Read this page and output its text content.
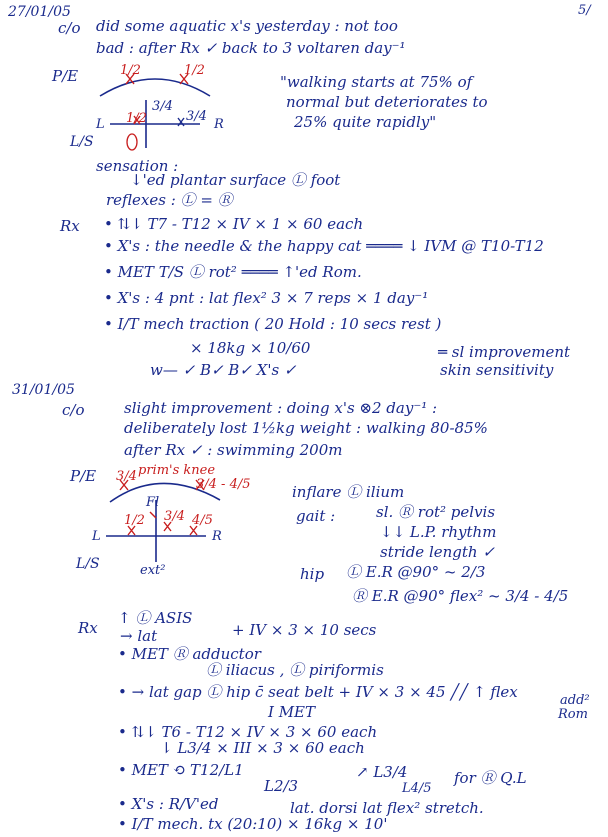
27/01/05	5/
c/o did some aquatic x's yesterday : not too
bad : after Rx ✓ back to 3 voltaren day⁻¹
P/E	1/2	1/2
3/4
3/4
1/2
L	R
L/S
"walking starts at 75% of
normal but deteriorates to
25% quite rapidly"
sensation :
↓'ed plantar surface Ⓛ foot
reflexes : Ⓛ = Ⓡ
Rx • ⇅⇂ T7 - T12 × IV × 1 × 60 each
• X's : the needle & the happy cat ════ ↓ IVM @ T10-T12
• MET T/S Ⓛ rot² ════ ↑'ed Rom.
• X's : 4 pnt : lat flex² 3 × 7 reps × 1 day⁻¹
• I/T mech traction ( 20 Hold : 10 secs rest )
× 18kg × 10/60
w— ✓ B✓ B✓ X's ✓
═ sl improvement
skin sensitivity
31/01/05
c/o	slight improvement : doing x's ⊗2 day⁻¹ :
deliberately lost 1½kg weight : walking 80-85%
after Rx ✓ : swimming 200m
P/E	prim's knee
3/4
3/4 - 4/5
Fl
1/2 3/4 4/5
L	R
ext²
L/S
inflare Ⓛ ilium
gait :	sl. Ⓡ rot² pelvis
↓↓ L.P. rhythm
stride length ✓
hip Ⓛ E.R @90° ~ 2/3
Ⓡ E.R @90° flex² ~ 3/4 - 4/5
Rx
↑ Ⓛ ASIS
→ lat	+ IV × 3 × 10 secs
• MET Ⓡ adductor
Ⓛ iliacus , Ⓛ piriformis
• → lat gap Ⓛ hip c̄ seat belt + IV × 3 × 45 ╱╱ ↑ flex	add²
Rom
I MET
• ⇅⇂ T6 - T12 × IV × 3 × 60 each
⇂ L3/4 × III × 3 × 60 each
• MET ⟲ T12/L1
L2/3
↗ L3/4
L4/5
for Ⓡ Q.L
• X's : R/V'ed	lat. dorsi lat flex² stretch.
• I/T mech. tx (20:10) × 16kg × 10'
